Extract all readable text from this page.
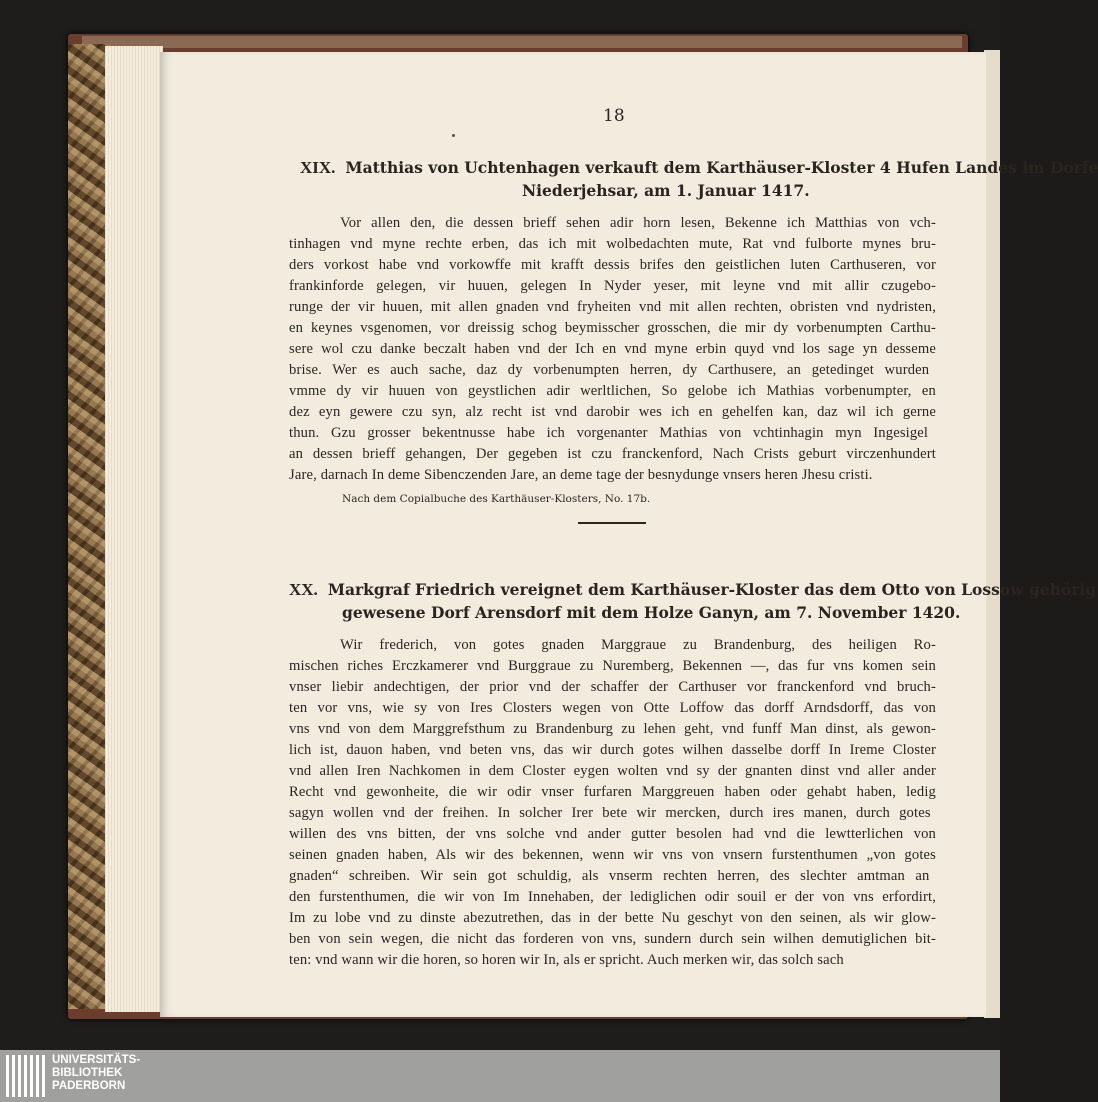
18
XIX. Matthias von Uchtenhagen verkauft dem Karthäuser-Kloster 4 Hufen Landes im Dorfe
Niederjehsar, am 1. Januar 1417.
Vor allen den, die dessen brieff sehen adir horn lesen, Bekenne ich Matthias von vch-
tinhagen vnd myne rechte erben, das ich mit wolbedachten mute, Rat vnd fulborte mynes bru-
ders vorkost habe vnd vorkowffe mit krafft dessis brifes den geistlichen luten Carthuseren, vor
frankinforde gelegen, vir huuen, gelegen In Nyder yeser, mit leyne vnd mit allir czugebo-
runge der vir huuen, mit allen gnaden vnd fryheiten vnd mit allen rechten, obristen vnd nydristen,
en keynes vsgenomen, vor dreissig schog beymisscher grosschen, die mir dy vorbenumpten Carthu-
sere wol czu danke beczalt haben vnd der Ich en vnd myne erbin quyd vnd los sage yn desseme
brise. Wer es auch sache, daz dy vorbenumpten herren, dy Carthusere, an getedinget wurden
vmme dy vir huuen von geystlichen adir werltlichen, So gelobe ich Mathias vorbenumpter, en
dez eyn gewere czu syn, alz recht ist vnd darobir wes ich en gehelfen kan, daz wil ich gerne
thun. Gzu grosser bekentnusse habe ich vorgenanter Mathias von vchtinhagin myn Ingesigel
an dessen brieff gehangen, Der gegeben ist czu franckenford, Nach Crists geburt virczenhundert
Jare, darnach In deme Sibenczenden Jare, an deme tage der besnydunge vnsers heren Jhesu cristi.
Nach dem Copialbuche des Karthäuser-Klosters, No. 17b.
XX. Markgraf Friedrich vereignet dem Karthäuser-Kloster das dem Otto von Lossow gehörig
gewesene Dorf Arensdorf mit dem Holze Ganyn, am 7. November 1420.
Wir frederich, von gotes gnaden Marggraue zu Brandenburg, des heiligen Ro-
mischen riches Erczkamerer vnd Burggraue zu Nuremberg, Bekennen —, das fur vns komen sein
vnser liebir andechtigen, der prior vnd der schaffer der Carthuser vor franckenford vnd bruch-
ten vor vns, wie sy von Ires Closters wegen von Otte Loffow das dorff Arndsdorff, das von
vns vnd von dem Marggrefsthum zu Brandenburg zu lehen geht, vnd funff Man dinst, als gewon-
lich ist, dauon haben, vnd beten vns, das wir durch gotes wilhen dasselbe dorff In Ireme Closter
vnd allen Iren Nachkomen in dem Closter eygen wolten vnd sy der gnanten dinst vnd aller ander
Recht vnd gewonheite, die wir odir vnser furfaren Marggreuen haben oder gehabt haben, ledig
sagyn wollen vnd der freihen. In solcher Irer bete wir mercken, durch ires manen, durch gotes
willen des vns bitten, der vns solche vnd ander gutter besolen had vnd die lewtterlichen von
seinen gnaden haben, Als wir des bekennen, wenn wir vns von vnsern furstenthumen „von gotes
gnaden“ schreiben. Wir sein got schuldig, als vnserm rechten herren, des slechter amtman an
den furstenthumen, die wir von Im Innehaben, der lediglichen odir souil er der von vns erfordirt,
Im zu lobe vnd zu dinste abezutrethen, das in der bette Nu geschyt von den seinen, als wir glow-
ben von sein wegen, die nicht das forderen von vns, sundern durch sein wilhen demutiglichen bit-
ten: vnd wann wir die horen, so horen wir In, als er spricht. Auch merken wir, das solch sach
UNIVERSITÄTS-
BIBLIOTHEK
PADERBORN
